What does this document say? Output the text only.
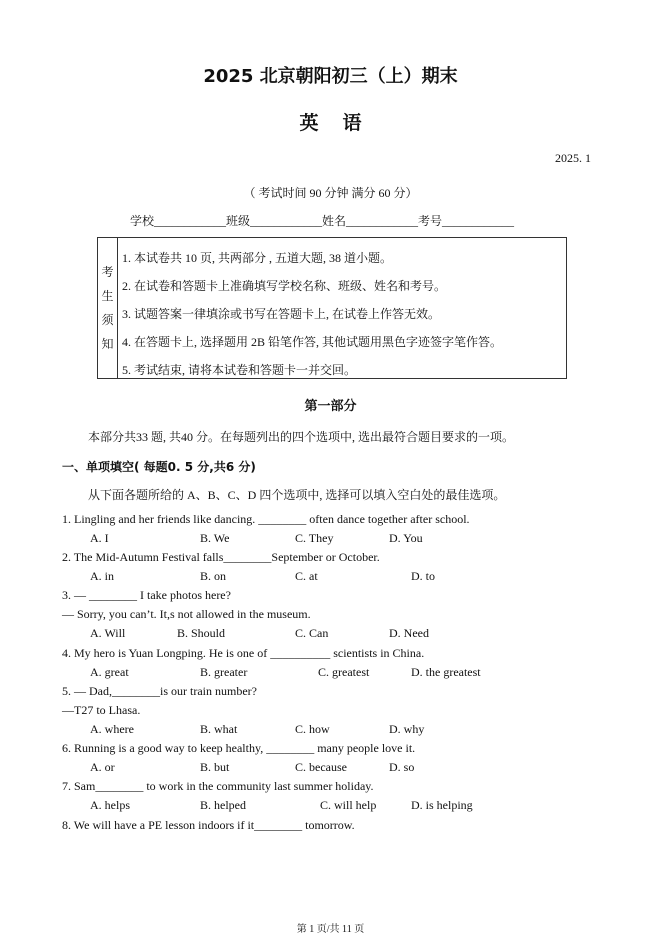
2025 北京朝阳初三（上）期末
英语
2025. 1
（ 考试时间 90 分钟 满分 60 分）
学校____________班级____________姓名____________考号____________
考
生
须
知
1. 本试卷共 10 页, 共两部分 , 五道大题, 38 道小题。
2. 在试卷和答题卡上准确填写学校名称、班级、姓名和考号。
3. 试题答案一律填涂或书写在答题卡上, 在试卷上作答无效。
4. 在答题卡上, 选择题用 2B 铅笔作答, 其他试题用黑色字迹签字笔作答。
5. 考试结束, 请将本试卷和答题卡一并交回。
第一部分
本部分共33 题, 共40 分。在每题列出的四个选项中, 选出最符合题目要求的一项。
一、单项填空( 每题0. 5 分,共6 分)
从下面各题所给的 A、B、C、D 四个选项中, 选择可以填入空白处的最佳选项。
1. Lingling and her friends like dancing. ________ often dance together after school.
A. I	B. We	C. They	D. You
2. The Mid-Autumn Festival falls________September or October.
A. in	B. on	C. at	D. to
3. — ________ I take photos here?
— Sorry, you can’t. It,s not allowed in the museum.
A. Will	B. Should	C. Can	D. Need
4. My hero is Yuan Longping. He is one of __________ scientists in China.
A. great	B. greater	C. greatest	D. the greatest
5. — Dad,________is our train number?
—T27 to Lhasa.
A. where	B. what	C. how	D. why
6. Running is a good way to keep healthy, ________ many people love it.
A. or	B. but	C. because	D. so
7. Sam________ to work in the community last summer holiday.
A. helps	B. helped	C. will help	D. is helping
8. We will have a PE lesson indoors if it________ tomorrow.
第 1 页/共 11 页
